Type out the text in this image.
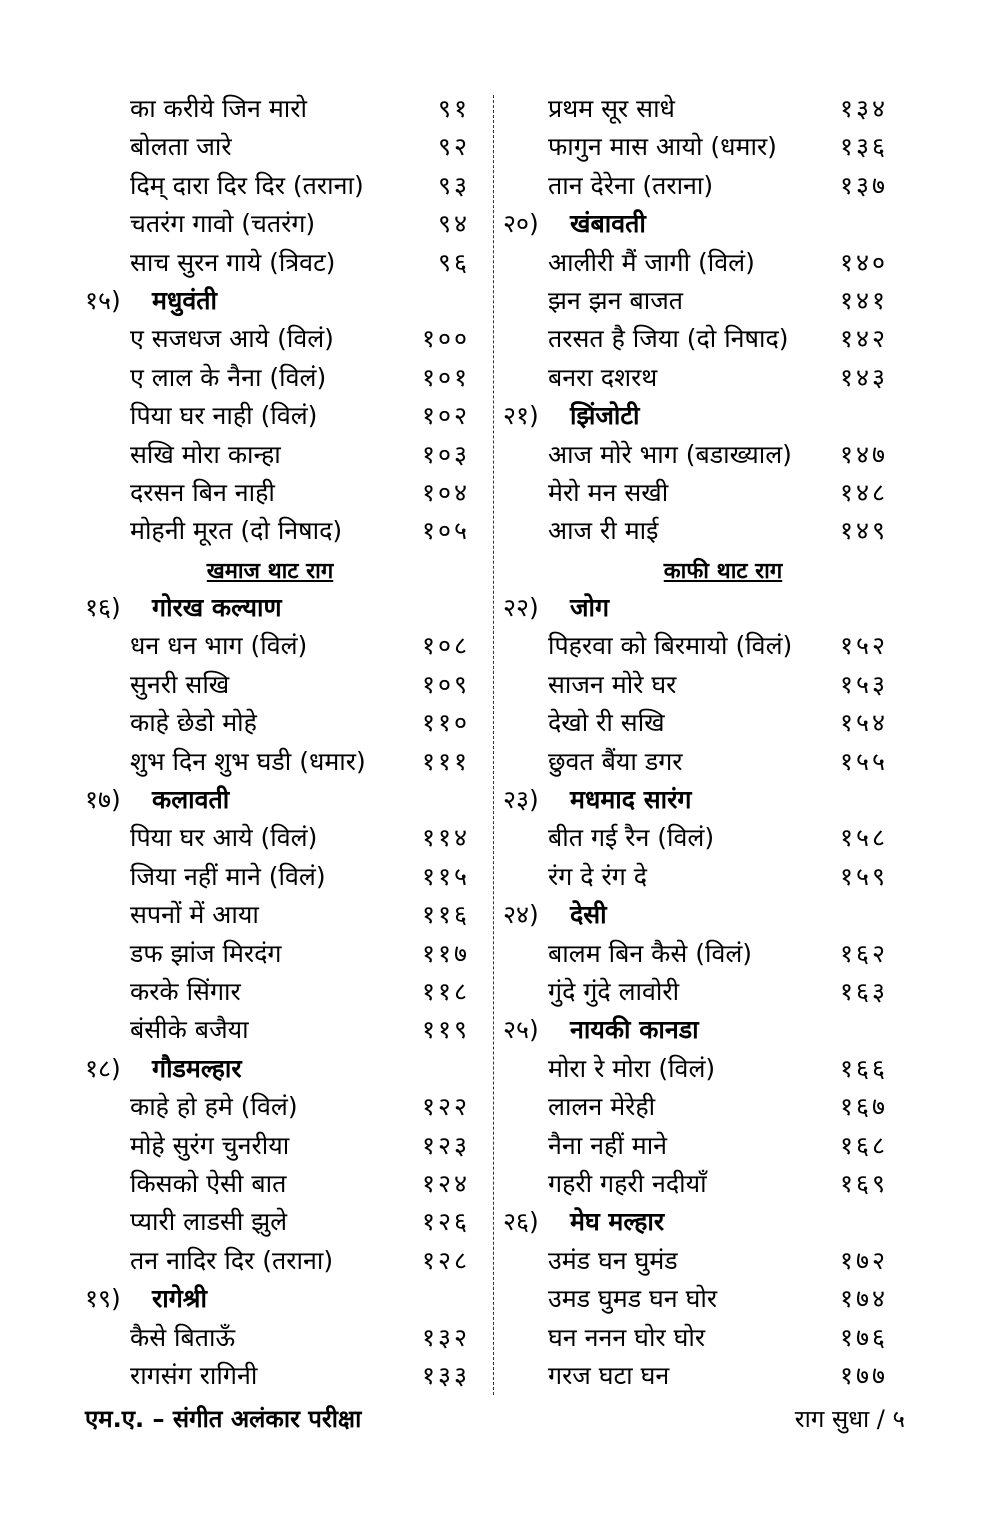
का करीये जिन मारो	९१
बोलता जारे	९२
दिम् दारा दिर दिर (तराना)	९३
चतरंग गावो (चतरंग)	९४
साच सुरन गाये (त्रिवट)	९६
१५) मधुवंती
ए सजधज आये (विलं)	१००
ए लाल के नैना (विलं)	१०१
पिया घर नाही (विलं)	१०२
सखि मोरा कान्हा	१०३
दरसन बिन नाही	१०४
मोहनी मूरत (दो निषाद)	१०५
खमाज थाट राग
१६) गोरख कल्याण
धन धन भाग (विलं)	१०८
सुनरी सखि	१०९
काहे छेडो मोहे	११०
शुभ दिन शुभ घडी (धमार) १११
१७) कलावती
पिया घर आये (विलं)	११४
जिया नहीं माने (विलं)	११५
सपनों में आया	११६
डफ झांज मिरदंग	११७
करके सिंगार	११८
बंसीके बजैया	११९
१८) गौडमल्हार
काहे हो हमे (विलं)	१२२
मोहे सुरंग चुनरीया	१२३
किसको ऐसी बात	१२४
प्यारी लाडसी झुले	१२६
तन नादिर दिर (तराना)	१२८
१९) रागेश्री
कैसे बिताऊँ	१३२
रागसंग रागिनी	१३३
प्रथम सूर साधे	१३४
फागुन मास आयो (धमार)	१३६
तान देरेना (तराना)	१३७
२०) खंबावती
आलीरी मैं जागी (विलं)	१४०
झन झन बाजत	१४१
तरसत है जिया (दो निषाद) १४२
बनरा दशरथ	१४३
२१) झिंजोटी
आज मोरे भाग (बडाख्याल) १४७
मेरो मन सखी	१४८
आज री माई	१४९
काफी थाट राग
२२) जोग
पिहरवा को बिरमायो (विलं) १५२
साजन मोरे घर	१५३
देखो री सखि	१५४
छुवत बैंया डगर	१५५
२३) मधमाद सारंग
बीत गई रैन (विलं)	१५८
रंग दे रंग दे	१५९
२४) देसी
बालम बिन कैसे (विलं)	१६२
गुंदे गुंदे लावोरी	१६३
२५) नायकी कानडा
मोरा रे मोरा (विलं)	१६६
लालन मेरेही	१६७
नैना नहीं माने	१६८
गहरी गहरी नदीयाँ	१६९
२६) मेघ मल्हार
उमंड घन घुमंड	१७२
उमड घुमड घन घोर	१७४
घन ननन घोर घोर	१७६
गरज घटा घन	१७७
एम.ए. – संगीत अलंकार परीक्षा	राग सुधा / ५
